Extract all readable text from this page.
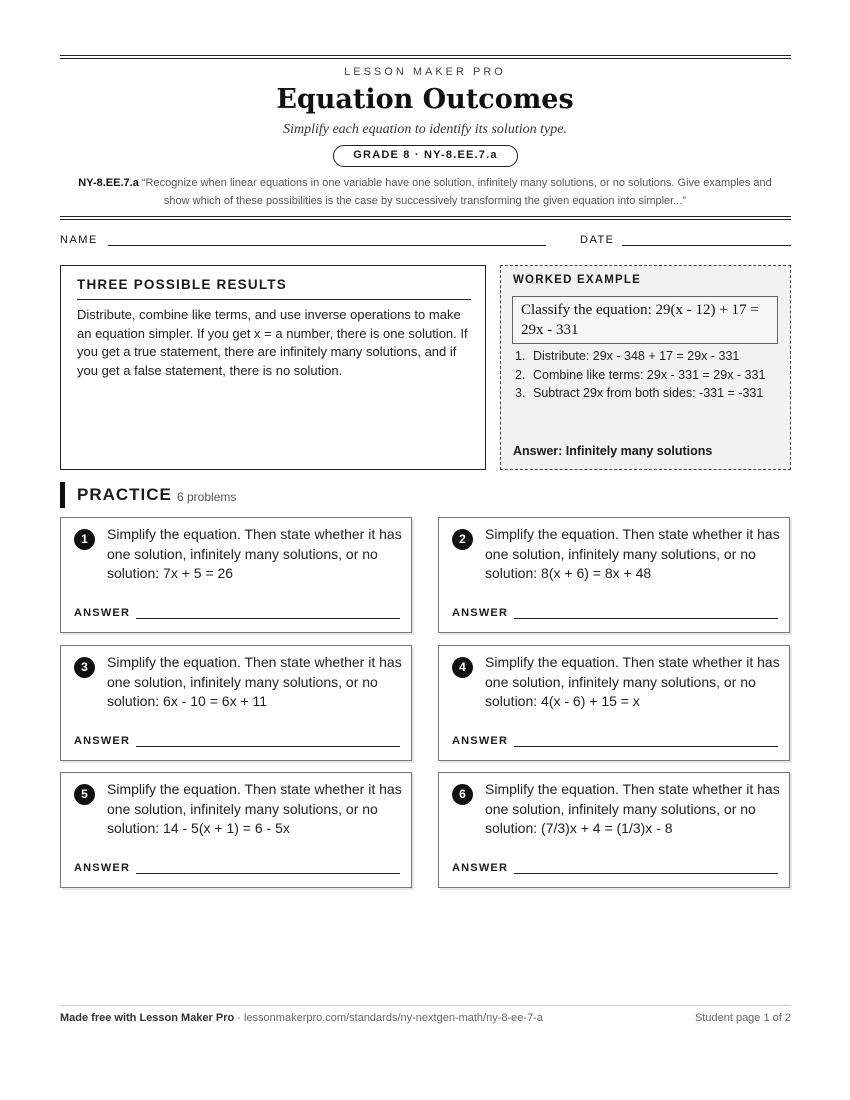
LESSON MAKER PRO
Equation Outcomes
Simplify each equation to identify its solution type.
GRADE 8 · NY-8.EE.7.a
NY-8.EE.7.a “Recognize when linear equations in one variable have one solution, infinitely many solutions, or no solutions. Give examples and show which of these possibilities is the case by successively transforming the given equation into simpler...”
NAME	DATE
THREE POSSIBLE RESULTS
Distribute, combine like terms, and use inverse operations to make an equation simpler. If you get x = a number, there is one solution. If you get a true statement, there are infinitely many solutions, and if you get a false statement, there is no solution.
WORKED EXAMPLE
Classify the equation: 29(x - 12) + 17 = 29x - 331
1. Distribute: 29x - 348 + 17 = 29x - 331
2. Combine like terms: 29x - 331 = 29x - 331
3. Subtract 29x from both sides: -331 = -331
Answer: Infinitely many solutions
PRACTICE 6 problems
1	Simplify the equation. Then state whether it has one solution, infinitely many solutions, or no solution: 7x + 5 = 26
ANSWER
2	Simplify the equation. Then state whether it has one solution, infinitely many solutions, or no solution: 8(x + 6) = 8x + 48
ANSWER
3	Simplify the equation. Then state whether it has one solution, infinitely many solutions, or no solution: 6x - 10 = 6x + 11
ANSWER
4	Simplify the equation. Then state whether it has one solution, infinitely many solutions, or no solution: 4(x - 6) + 15 = x
ANSWER
5	Simplify the equation. Then state whether it has one solution, infinitely many solutions, or no solution: 14 - 5(x + 1) = 6 - 5x
ANSWER
6	Simplify the equation. Then state whether it has one solution, infinitely many solutions, or no solution: (7/3)x + 4 = (1/3)x - 8
ANSWER
Made free with Lesson Maker Pro · lessonmakerpro.com/standards/ny-nextgen-math/ny-8-ee-7-a	Student page 1 of 2
